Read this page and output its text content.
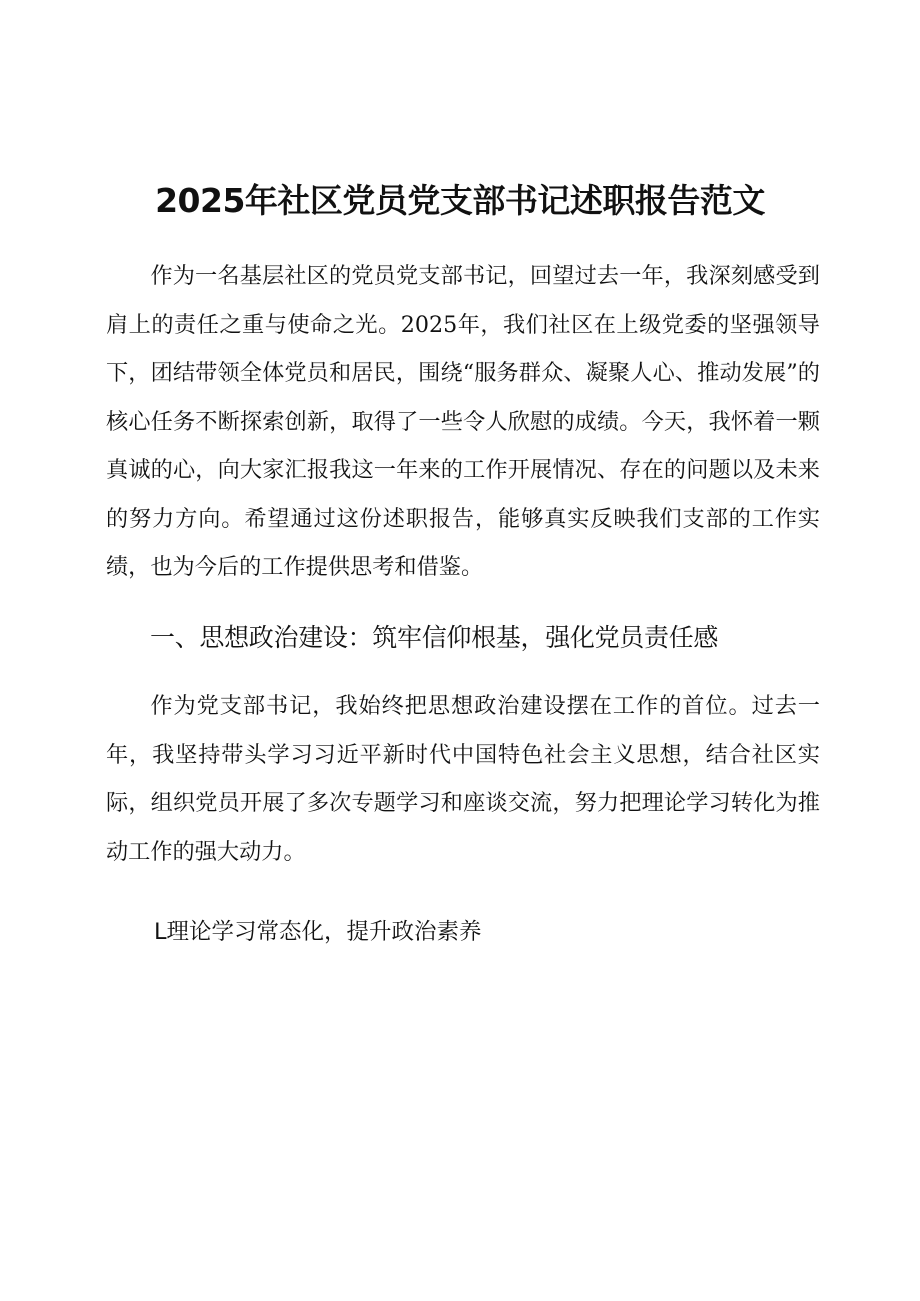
2025年社区党员党支部书记述职报告范文

作为一名基层社区的党员党支部书记，回望过去一年，我深刻感受到肩上的责任之重与使命之光。2025年，我们社区在上级党委的坚强领导下，团结带领全体党员和居民，围绕“服务群众、凝聚人心、推动发展”的核心任务不断探索创新，取得了一些令人欣慰的成绩。今天，我怀着一颗真诚的心，向大家汇报我这一年来的工作开展情况、存在的问题以及未来的努力方向。希望通过这份述职报告，能够真实反映我们支部的工作实绩，也为今后的工作提供思考和借鉴。

一、思想政治建设：筑牢信仰根基，强化党员责任感

作为党支部书记，我始终把思想政治建设摆在工作的首位。过去一年，我坚持带头学习习近平新时代中国特色社会主义思想，结合社区实际，组织党员开展了多次专题学习和座谈交流，努力把理论学习转化为推动工作的强大动力。

L理论学习常态化，提升政治素养
